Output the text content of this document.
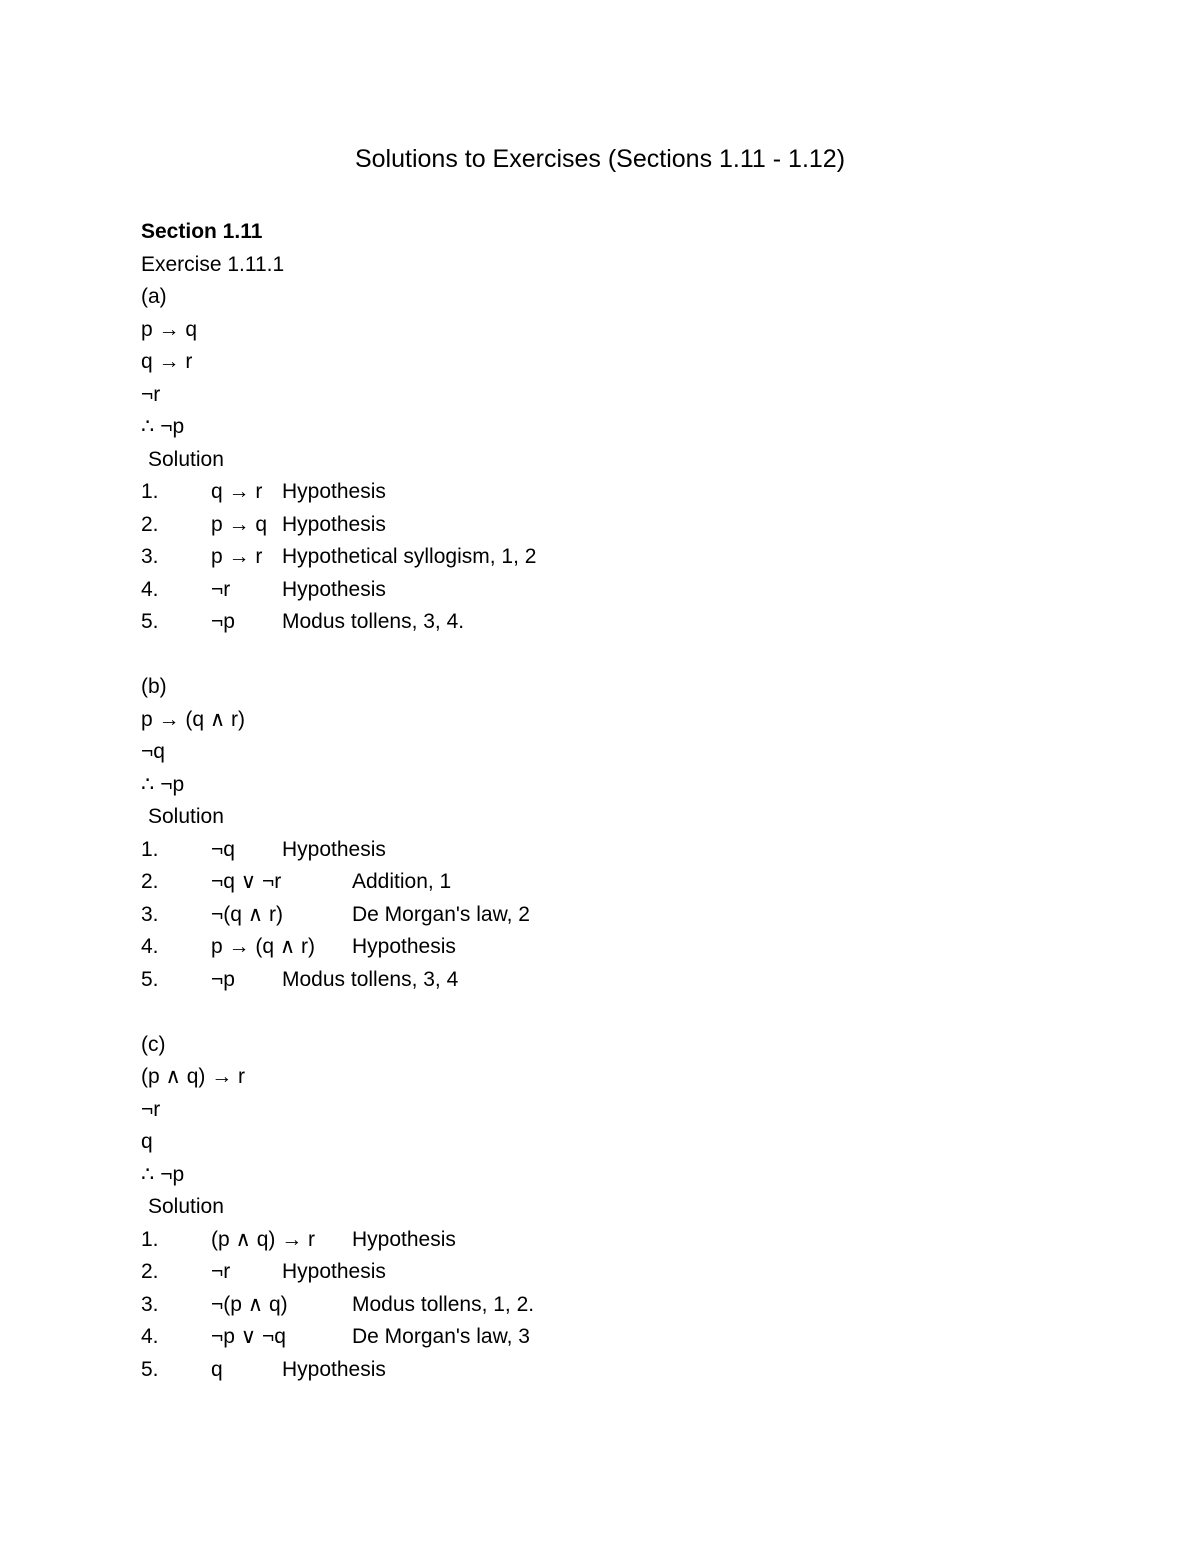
Solutions to Exercises (Sections 1.11 - 1.12)
Section 1.11
Exercise 1.11.1
(a)
p → q
q → r
¬r
∴ ¬p
Solution
1. q → r Hypothesis
2. p → q Hypothesis
3. p → r Hypothetical syllogism, 1, 2
4. ¬r Hypothesis
5. ¬p Modus tollens, 3, 4.
(b)
p → (q ∧ r)
¬q
∴ ¬p
Solution
1. ¬q Hypothesis
2. ¬q ∨ ¬r	Addition, 1
3. ¬(q ∧ r)	De Morgan's law, 2
4. p → (q ∧ r) Hypothesis
5. ¬p Modus tollens, 3, 4
(c)
(p ∧ q) → r
¬r
q
∴ ¬p
Solution
1. (p ∧ q) → r Hypothesis
2. ¬r Hypothesis
3. ¬(p ∧ q)	Modus tollens, 1, 2.
4. ¬p ∨ ¬q	De Morgan's law, 3
5. q	Hypothesis
